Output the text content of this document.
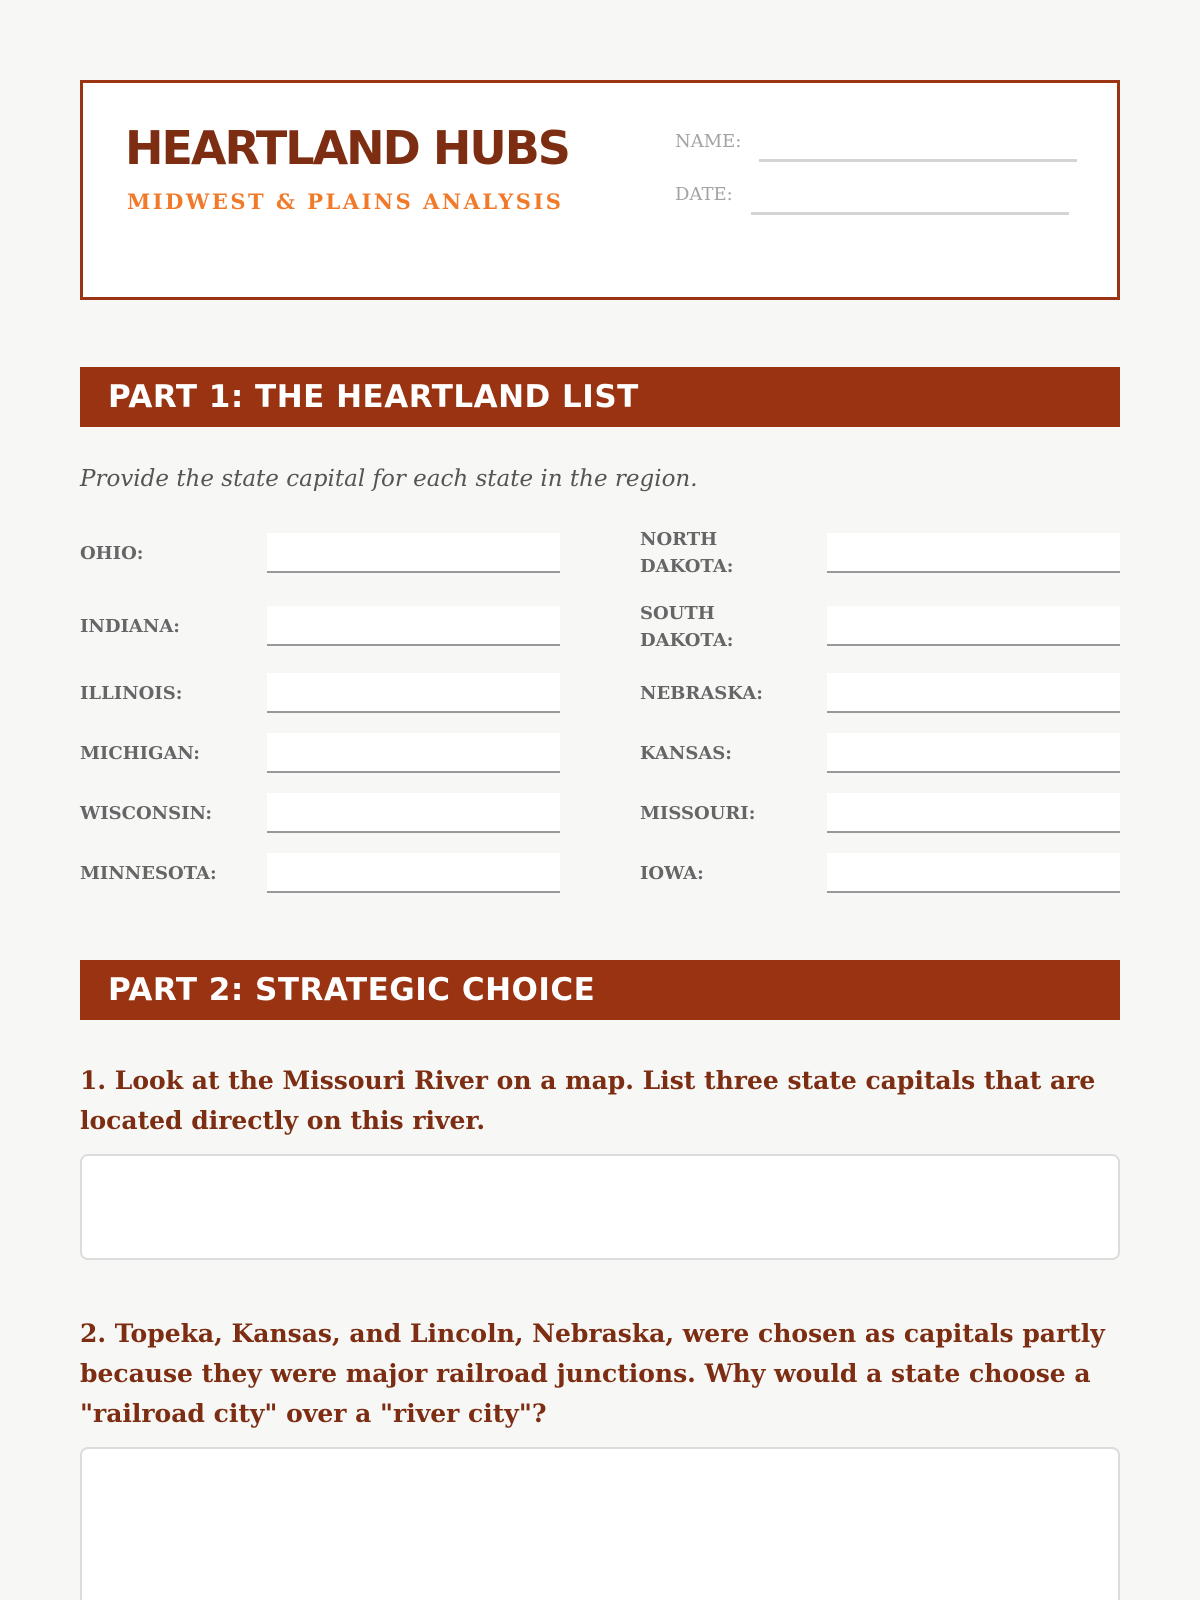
HEARTLAND HUBS
MIDWEST & PLAINS ANALYSIS
NAME:
DATE:
PART 1: THE HEARTLAND LIST
Provide the state capital for each state in the region.
OHIO:
INDIANA:
ILLINOIS:
MICHIGAN:
WISCONSIN:
MINNESOTA:
NORTH DAKOTA:
SOUTH DAKOTA:
NEBRASKA:
KANSAS:
MISSOURI:
IOWA:
PART 2: STRATEGIC CHOICE
1. Look at the Missouri River on a map. List three state capitals that are located directly on this river.
2. Topeka, Kansas, and Lincoln, Nebraska, were chosen as capitals partly because they were major railroad junctions. Why would a state choose a "railroad city" over a "river city"?
